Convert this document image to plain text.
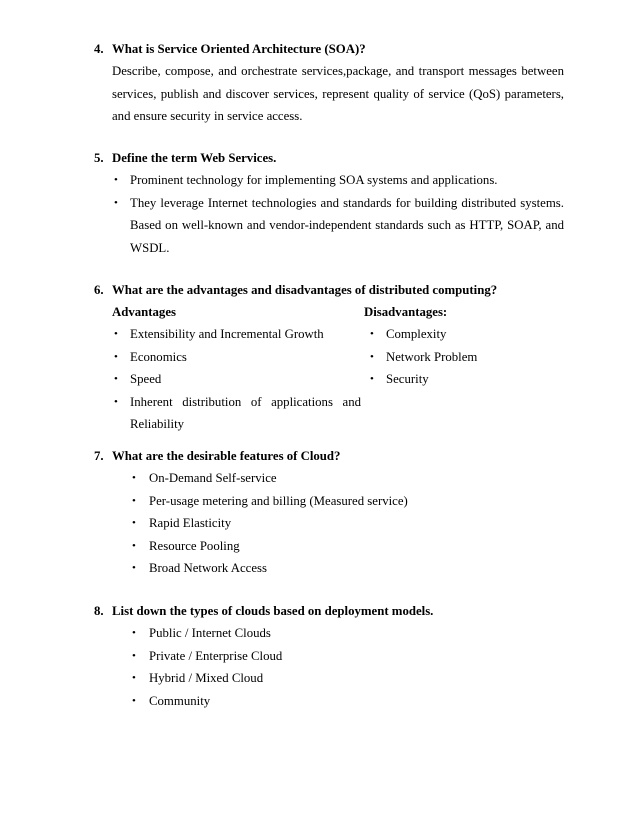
4. What is Service Oriented Architecture (SOA)?
Describe, compose, and orchestrate services,package, and transport messages between
services, publish and discover services, represent quality of service (QoS) parameters,
and ensure security in service access.
5. Define the term Web Services.
• Prominent technology for implementing SOA systems and applications.
• They leverage Internet technologies and standards for building distributed systems.
Based on well-known and vendor-independent standards such as HTTP, SOAP, and
WSDL.
6. What are the advantages and disadvantages of distributed computing?
Advantages
• Extensibility and Incremental Growth
• Economics
• Speed
• Inherent   distribution   of   applications   and
Reliability
Disadvantages:
• Complexity
• Network Problem
• Security
7. What are the desirable features of Cloud?
• On-Demand Self-service
• Per-usage metering and billing (Measured service)
• Rapid Elasticity
• Resource Pooling
• Broad Network Access
8. List down the types of clouds based on deployment models.
• Public / Internet Clouds
• Private / Enterprise Cloud
• Hybrid / Mixed Cloud
• Community
